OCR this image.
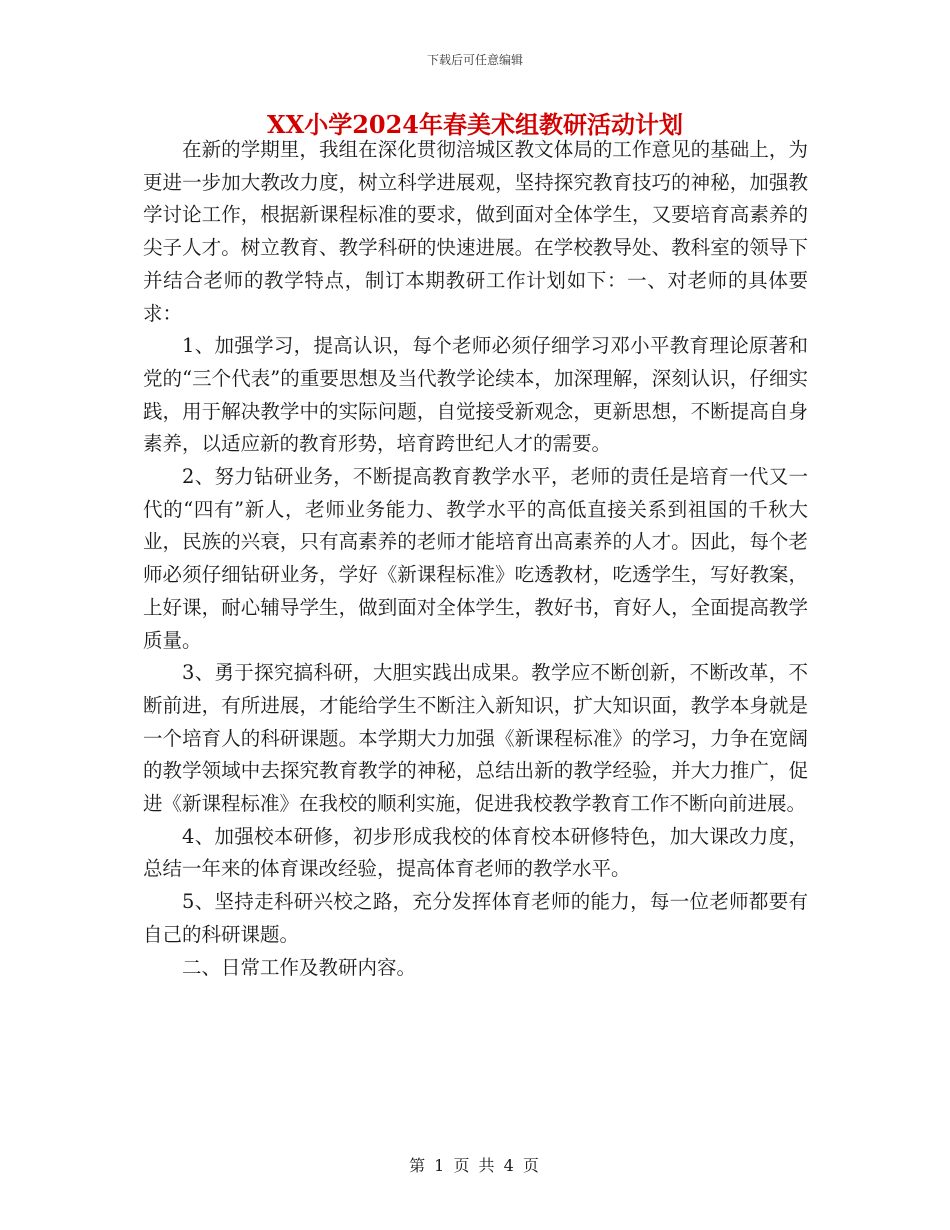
下载后可任意编辑
XX小学2024年春美术组教研活动计划

在新的学期里，我组在深化贯彻涪城区教文体局的工作意见的基础上，为更进一步加大教改力度，树立科学进展观，坚持探究教育技巧的神秘，加强教学讨论工作，根据新课程标准的要求，做到面对全体学生，又要培育高素养的尖子人才。树立教育、教学科研的快速进展。在学校教导处、教科室的领导下并结合老师的教学特点，制订本期教研工作计划如下：一、对老师的具体要求：

1、加强学习，提高认识，每个老师必须仔细学习邓小平教育理论原著和党的“三个代表”的重要思想及当代教学论续本，加深理解，深刻认识，仔细实践，用于解决教学中的实际问题，自觉接受新观念，更新思想，不断提高自身素养，以适应新的教育形势，培育跨世纪人才的需要。

2、努力钻研业务，不断提高教育教学水平，老师的责任是培育一代又一代的“四有”新人，老师业务能力、教学水平的高低直接关系到祖国的千秋大业，民族的兴衰，只有高素养的老师才能培育出高素养的人才。因此，每个老师必须仔细钻研业务，学好《新课程标准》吃透教材，吃透学生，写好教案，上好课，耐心辅导学生，做到面对全体学生，教好书，育好人，全面提高教学质量。

3、勇于探究搞科研，大胆实践出成果。教学应不断创新，不断改革，不断前进，有所进展，才能给学生不断注入新知识，扩大知识面，教学本身就是一个培育人的科研课题。本学期大力加强《新课程标准》的学习，力争在宽阔的教学领域中去探究教育教学的神秘，总结出新的教学经验，并大力推广，促进《新课程标准》在我校的顺利实施，促进我校教学教育工作不断向前进展。

4、加强校本研修，初步形成我校的体育校本研修特色，加大课改力度，总结一年来的体育课改经验，提高体育老师的教学水平。

5、坚持走科研兴校之路，充分发挥体育老师的能力，每一位老师都要有自己的科研课题。

二、日常工作及教研内容。

第 1 页 共 4 页
